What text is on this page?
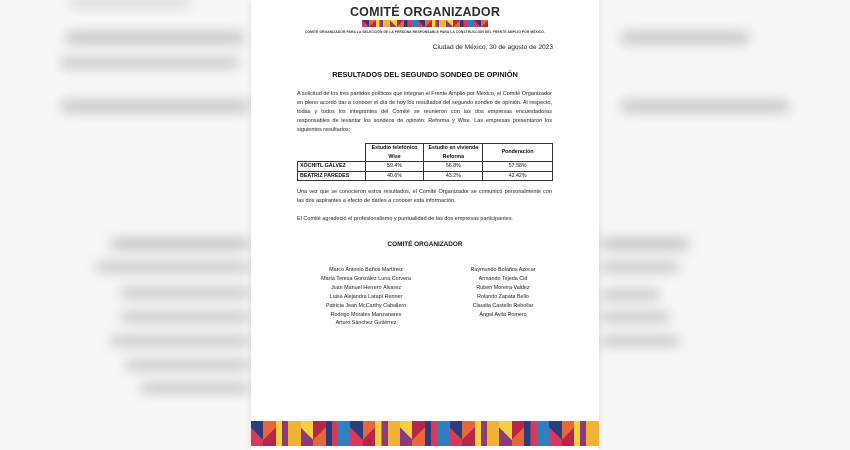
COMITÉ ORGANIZADOR
COMITÉ ORGANIZADOR PARA LA SELECCIÓN DE LA PERSONA RESPONSABLE PARA LA CONSTRUCCIÓN DEL FRENTE AMPLIO POR MÉXICO.
Ciudad de México, 30 de agosto de 2023
RESULTADOS DEL SEGUNDO SONDEO DE OPINIÓN
A solicitud de los tres partidos políticos que integran el Frente Amplio por México, el Comité Organizador en pleno acordó dar a conocer el día de hoy los resultados del segundo sondeo de opinión. Al respecto, todas y todos los integrantes del Comité se reunieron con las dos empresas encuestadoras responsables de levantar los sondeos de opinión: Reforma y Wise. Las empresas presentaron los siguientes resultados:
	Estudio telefónico Wise	Estudio en vivienda Reforma	Ponderación
XÓCHITL GÁLVEZ	59.4%	56.8%	57.58%
BEATRIZ PAREDES	40.6%	43.2%	42.42%
Una vez que se conocieron estos resultados, el Comité Organizador se comunicó personalmente con las dos aspirantes a efecto de darles a conocer esta información.
El Comité agradeció el profesionalismo y puntualidad de las dos empresas participantes.
COMITÉ ORGANIZADOR
Marco Antonio Baños Martínez
María Teresa González Luna Corvera
Juan Manuel Herrero Álvarez
Luisa Alejandra Latapí Renner
Patricia Jean McCarthy Caballero
Rodrigo Morales Manzanares
Arturo Sánchez Gutiérrez
Raymundo Bolaños Azocar
Armando Tejeda Cid
Rubén Moreira Valdez
Rolando Zapata Bello
Claudia Castello Rebollar
Ángel Avila Romero
